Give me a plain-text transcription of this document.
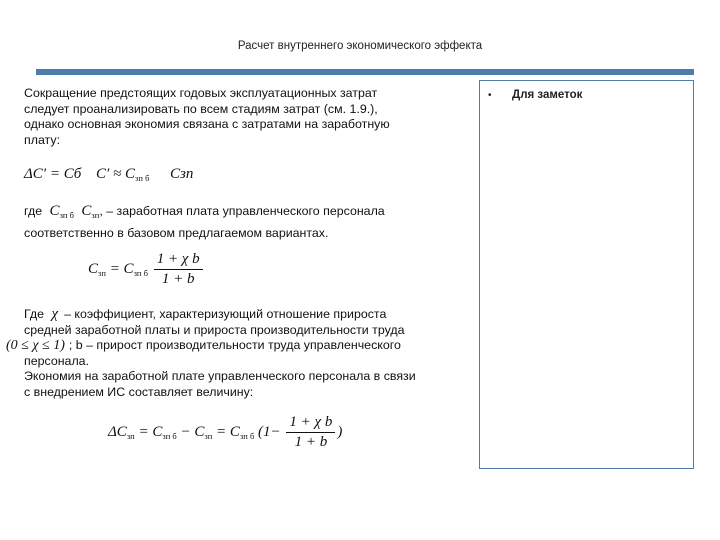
Расчет внутреннего экономического эффекта
Сокращение предстоящих годовых эксплуатационных затрат
следует проанализировать по всем стадиям затрат (см. 1.9.),
однако основная экономия связана с затратами на заработную
плату:
ΔC′ = Cб $C' \approx C_{зп б}$ Cзп
где $C_{зп б}$ $C_{зп}$, – заработная плата управленческого персонала
соответственно в базовом предлагаемом вариантах.
$C_{зп} = C_{зп б} \frac{\text{1 + χ b}}{1 + b}$
Где χ – коэффициент, характеризующий отношение прироста
средней заработной платы и прироста производительности труда
(0 ≤ χ ≤ 1) ; b – прирост производительности труда управленческого
персонала.
Экономия на заработной плате управленческого персонала в связи
с внедрением ИС составляет величину:
$\Delta C_{зп} = C_{зп б} - C_{зп} = C_{зп б}$ ($1- \frac{\text{1 + χ b}}{1 + b}$ )
• Для заметок
